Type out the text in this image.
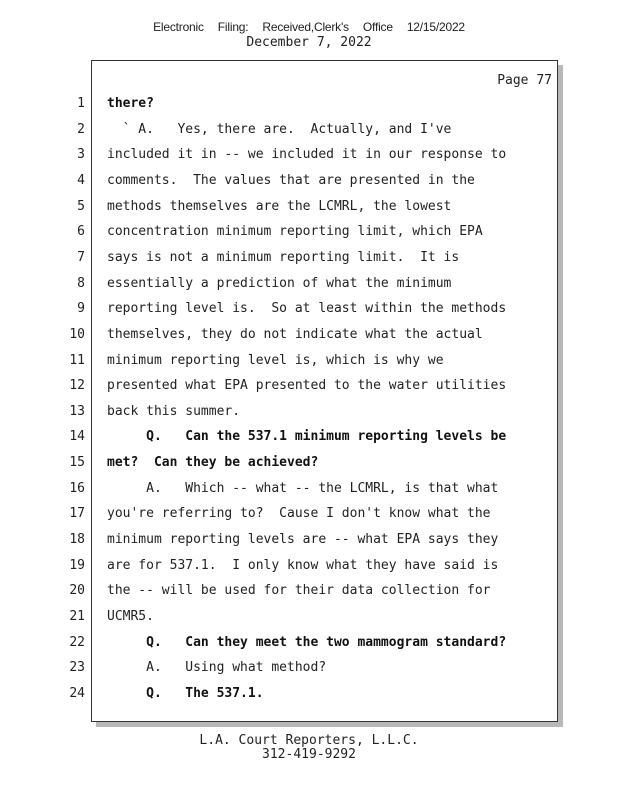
Electronic Filing: Received,Clerk's Office 12/15/2022
December 7, 2022
Page 77
1 there?
2 ` A.   Yes, there are.  Actually, and I've
3 included it in -- we included it in our response to
4 comments.  The values that are presented in the
5 methods themselves are the LCMRL, the lowest
6 concentration minimum reporting limit, which EPA
7 says is not a minimum reporting limit.  It is
8 essentially a prediction of what the minimum
9 reporting level is.  So at least within the methods
10 themselves, they do not indicate what the actual
11 minimum reporting level is, which is why we
12 presented what EPA presented to the water utilities
13 back this summer.
14 Q.   Can the 537.1 minimum reporting levels be
15 met?  Can they be achieved?
16 A.   Which -- what -- the LCMRL, is that what
17 you're referring to?  Cause I don't know what the
18 minimum reporting levels are -- what EPA says they
19 are for 537.1.  I only know what they have said is
20 the -- will be used for their data collection for
21 UCMR5.
22 Q.   Can they meet the two mammogram standard?
23 A.   Using what method?
24 Q.   The 537.1.
L.A. Court Reporters, L.L.C.
312-419-9292
